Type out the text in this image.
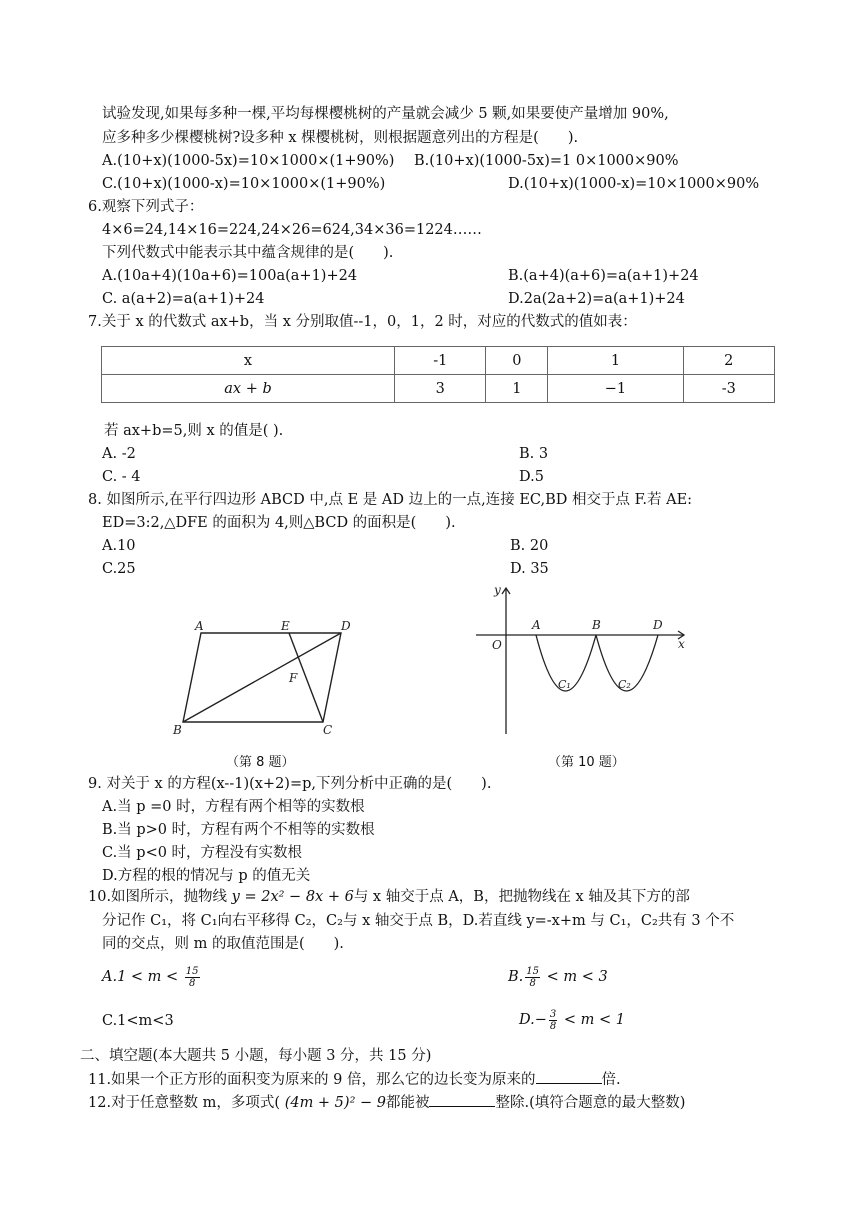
试验发现,如果每多种一棵,平均每棵樱桃树的产量就会减少 5 颗,如果要使产量增加 90%,
应多种多少棵樱桃树?设多种 x 棵樱桃树，则根据题意列出的方程是(　　).
A.(10+x)(1000-5x)=10×1000×(1+90%) B.(10+x)(1000-5x)=1 0×1000×90%
C.(10+x)(1000-x)=10×1000×(1+90%)	D.(10+x)(1000-x)=10×1000×90%
6.观察下列式子：
4×6=24,14×16=224,24×26=624,34×36=1224……
下列代数式中能表示其中蕴含规律的是(　　).
A.(10a+4)(10a+6)=100a(a+1)+24	B.(a+4)(a+6)=a(a+1)+24
C. a(a+2)=a(a+1)+24	D.2a(2a+2)=a(a+1)+24
7.关于 x 的代数式 ax+b，当 x 分别取值--1，0，1，2 时，对应的代数式的值如表：
x	-1	0	1	2
ax + b	3	1	−1	-3
若 ax+b=5,则 x 的值是( ).
A. -2	B. 3
C. - 4	D.5
8. 如图所示,在平行四边形 ABCD 中,点 E 是 AD 边上的一点,连接 EC,BD 相交于点 F.若 AE:
ED=3:2,△DFE 的面积为 4,则△BCD 的面积是(　　).
A.10	B. 20
C.25	D. 35
A	E	D
F
B	C
（第 8 题）
y
x
O
A	B	D
C₁	C₂
（第 10 题）
9. 对关于 x 的方程(x--1)(x+2)=p,下列分析中正确的是(　　).
A.当 p =0 时，方程有两个相等的实数根
B.当 p>0 时，方程有两个不相等的实数根
C.当 p<0 时，方程没有实数根
D.方程的根的情况与 p 的值无关
10.如图所示，抛物线 y = 2x² − 8x + 6与 x 轴交于点 A，B，把抛物线在 x 轴及其下方的部
分记作 C₁，将 C₁向右平移得 C₂，C₂与 x 轴交于点 B，D.若直线 y=-x+m 与 C₁，C₂共有 3 个不
同的交点，则 m 的取值范围是(　　).
$A.1 < m < \frac{15}{8}$	B. $\frac{15}{8} < m < 3$
C.1<m<3	$D.- \frac{3}{8} < m < 1$
二、填空题(本大题共 5 小题，每小题 3 分，共 15 分)
11.如果一个正方形的面积变为原来的 9 倍，那么它的边长变为原来的	倍.
12.对于任意整数 m，多项式( (4m + 5)² − 9都能被	整除.(填符合题意的最大整数)
